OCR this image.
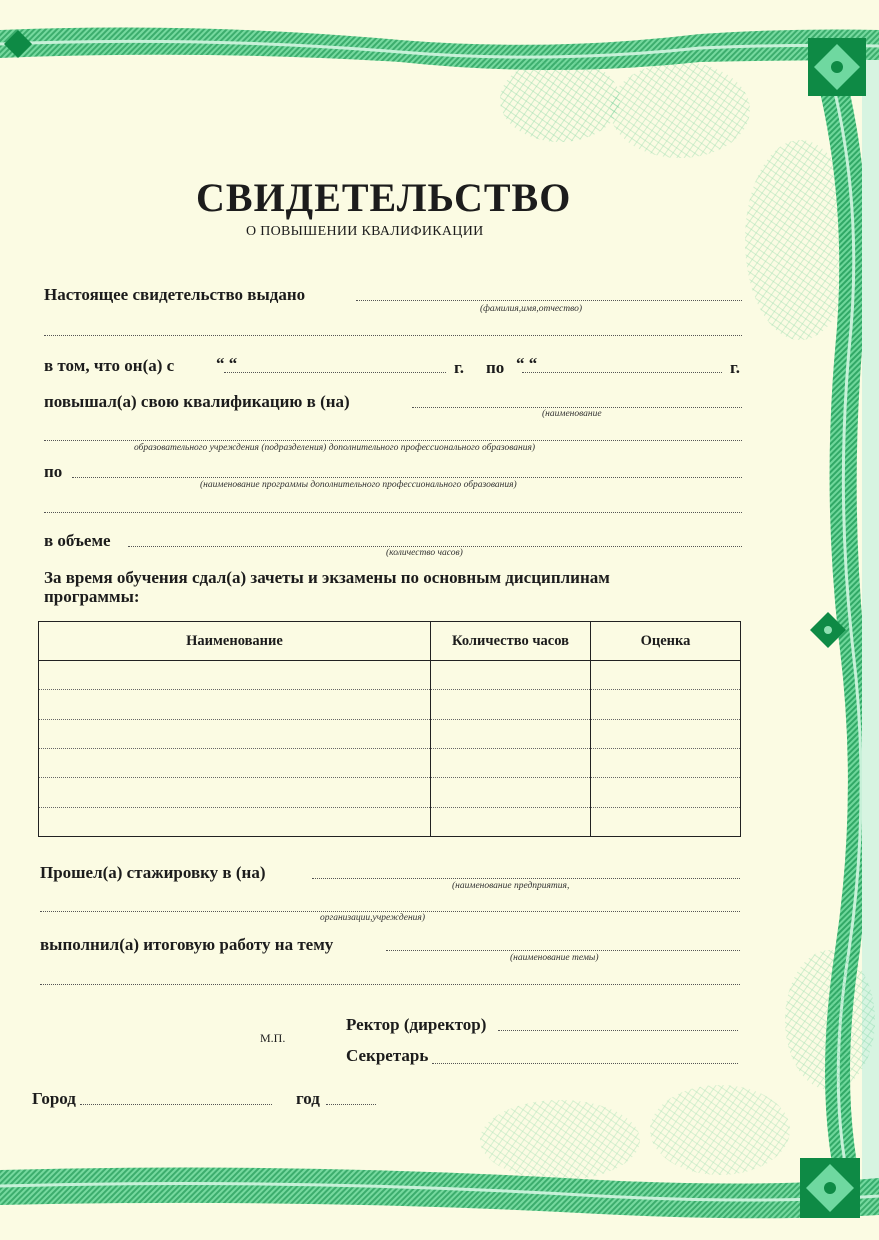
СВИДЕТЕЛЬСТВО
О ПОВЫШЕНИИ КВАЛИФИКАЦИИ
Настоящее свидетельство выдано
(фамилия,имя,отчество)
в том, что он(а) с “ “	г. по “ “	г.
повышал(а) свою квалификацию в (на)
(наименование
образовательного учреждения (подразделения) дополнительного профессионального образования)
по
(наименование программы дополнительного профессионального образования)
в объеме
(количество часов)
За время обучения сдал(а) зачеты и экзамены по основным дисциплинам
программы:
Наименование	Количество часов	Оценка

Прошел(а) стажировку в (на)
(наименование предприятия,
организации,учреждения)
выполнил(а) итоговую работу на тему
(наименование темы)
М.П.
Ректор (директор)
Секретарь
Город	год
